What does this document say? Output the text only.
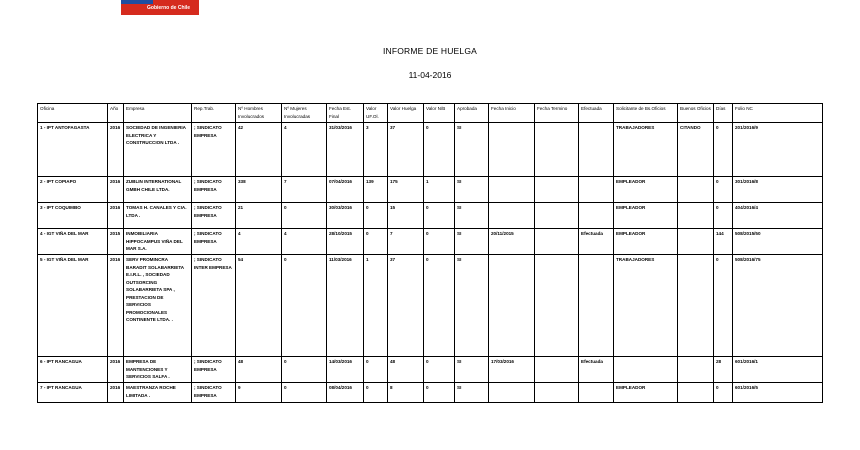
Gobierno de Chile
INFORME DE HUELGA
11-04-2016
Oficina	Año	Empresa	Rep.Trab.	Nº Hombres Involucrados	Nº Mujeres Involucradas	Fecha Est. Final	Valor UF.Ol.	Valor Huelga	Valor N/B	Aprobada	Fecha Inicio	Fecha Termino	Efectuada	Solicitante de Bs.Oficios	Buenos Oficios	Días	Folio NC
1 - IPT ANTOFAGASTA	2016	SOCIEDAD DE INGENIERIA ELECTRICA Y CONSTRUCCION LTDA .	; SINDICATO EMPRESA	42	4	31/03/2016	3	37	0	SI				TRABAJADORES	CITANDO	0	201/2016/9
2 - IPT COPIAPO	2016	ZUBLIN INTERNATIONAL GMBH CHILE LTDA.	; SINDICATO EMPRESA	338	7	07/04/2016	139	175	1	SI				EMPLEADOR		0	301/2016/8
3 - IPT COQUIMBO	2016	TOMAS H. CANALES Y CIA. LTDA .	; SINDICATO EMPRESA	21	0	30/03/2016	0	15	0	SI				EMPLEADOR		0	404/2016/4
4 - IGT VIÑA DEL MAR	2015	INMOBILIARIA HIPPOCAMPUS VIÑA DEL MAR S.A.	; SINDICATO EMPRESA	4	4	28/10/2015	0	7	0	SI	20/11/2015		Efectuada	EMPLEADOR		144	508/2015/50
5 - IGT VIÑA DEL MAR	2016	SERV PROMINCRA BARADIT SOLABARRIETA E.I.R.L. , SOCIEDAD OUTSORCING SOLABARRIETA SPA , PRESTACION DE SERVICIOS PROMOCIONALES CONTINENTE LTDA. .	; SINDICATO INTER EMPRESA	54	0	11/03/2016	1	37	0	SI				TRABAJADORES		0	508/2016/75
6 - IPT RANCAGUA	2016	EMPRESA DE MANTENCIONES Y SERVICIOS SALFA .	; SINDICATO EMPRESA	48	0	14/03/2016	0	48	0	SI	17/03/2016		Efectuada			28	601/2016/1
7 - IPT RANCAGUA	2016	MAESTRANZA ROCHE LIMITADA .	; SINDICATO EMPRESA	9	0	08/04/2016	0	8	0	SI				EMPLEADOR		0	601/2016/5
